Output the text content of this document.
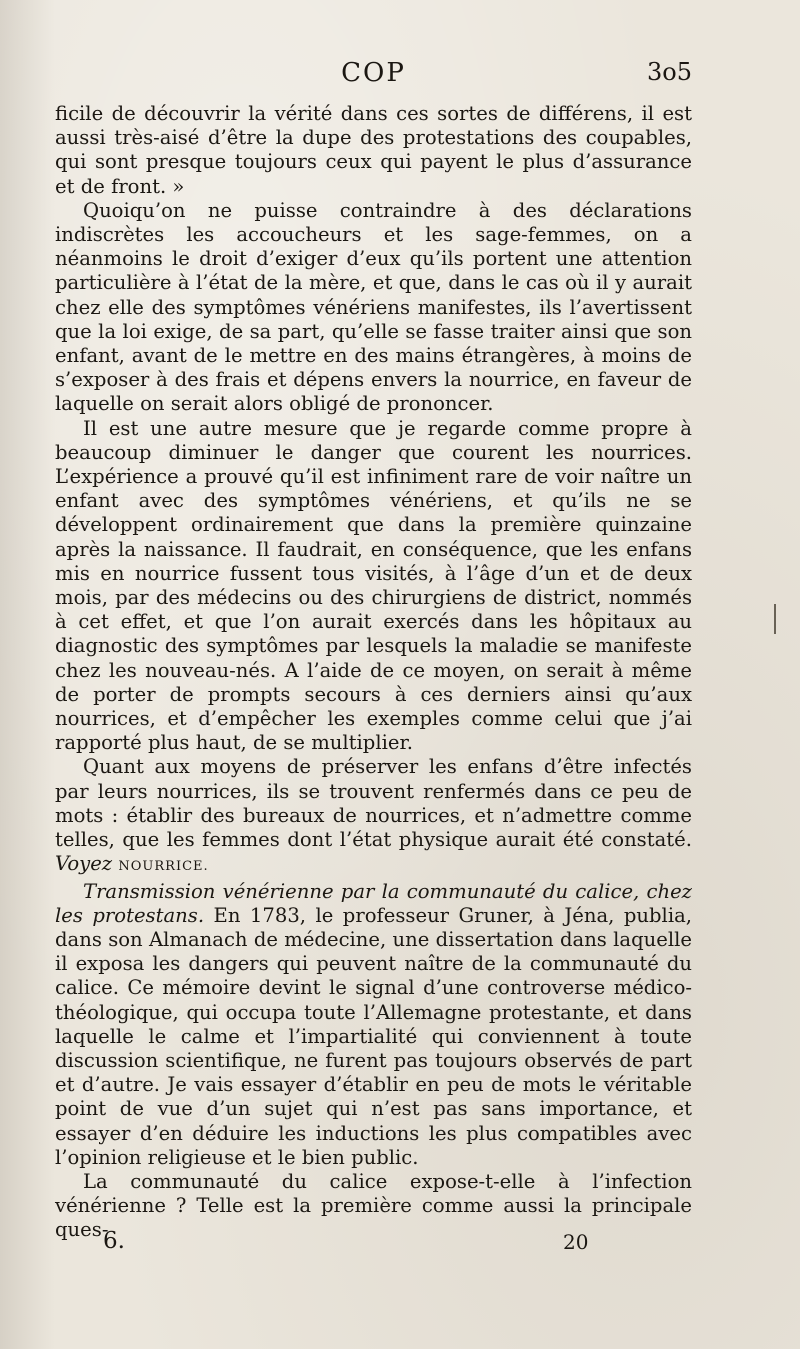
COP	3o5

ficile de découvrir la vérité dans ces sortes de différens, il est aussi très-aisé d’être la dupe des protestations des coupables, qui sont presque toujours ceux qui payent le plus d’assurance et de front. »

Quoiqu’on ne puisse contraindre à des déclarations indiscrètes les accoucheurs et les sage-femmes, on a néanmoins le droit d’exiger d’eux qu’ils portent une attention particulière à l’état de la mère, et que, dans le cas où il y aurait chez elle des symptômes vénériens manifestes, ils l’avertissent que la loi exige, de sa part, qu’elle se fasse traiter ainsi que son enfant, avant de le mettre en des mains étrangères, à moins de s’exposer à des frais et dépens envers la nourrice, en faveur de laquelle on serait alors obligé de prononcer.

Il est une autre mesure que je regarde comme propre à beaucoup diminuer le danger que courent les nourrices. L’expérience a prouvé qu’il est infiniment rare de voir naître un enfant avec des symptômes vénériens, et qu’ils ne se développent ordinairement que dans la première quinzaine après la naissance. Il faudrait, en conséquence, que les enfans mis en nourrice fussent tous visités, à l’âge d’un et de deux mois, par des médecins ou des chirurgiens de district, nommés à cet effet, et que l’on aurait exercés dans les hôpitaux au diagnostic des symptômes par lesquels la maladie se manifeste chez les nouveau-nés. A l’aide de ce moyen, on serait à même de porter de prompts secours à ces derniers ainsi qu’aux nourrices, et d’empêcher les exemples comme celui que j’ai rapporté plus haut, de se multiplier.

Quant aux moyens de préserver les enfans d’être infectés par leurs nourrices, ils se trouvent renfermés dans ce peu de mots : établir des bureaux de nourrices, et n’admettre comme telles, que les femmes dont l’état physique aurait été constaté. Voyez NOURRICE.

Transmission vénérienne par la communauté du calice, chez les protestans. En 1783, le professeur Gruner, à Jéna, publia, dans son Almanach de médecine, une dissertation dans laquelle il exposa les dangers qui peuvent naître de la communauté du calice. Ce mémoire devint le signal d’une controverse médico-théologique, qui occupa toute l’Allemagne protestante, et dans laquelle le calme et l’impartialité qui conviennent à toute discussion scientifique, ne furent pas toujours observés de part et d’autre. Je vais essayer d’établir en peu de mots le véritable point de vue d’un sujet qui n’est pas sans importance, et essayer d’en déduire les inductions les plus compatibles avec l’opinion religieuse et le bien public.

La communauté du calice expose-t-elle à l’infection vénérienne ? Telle est la première comme aussi la principale ques-

6.	20
